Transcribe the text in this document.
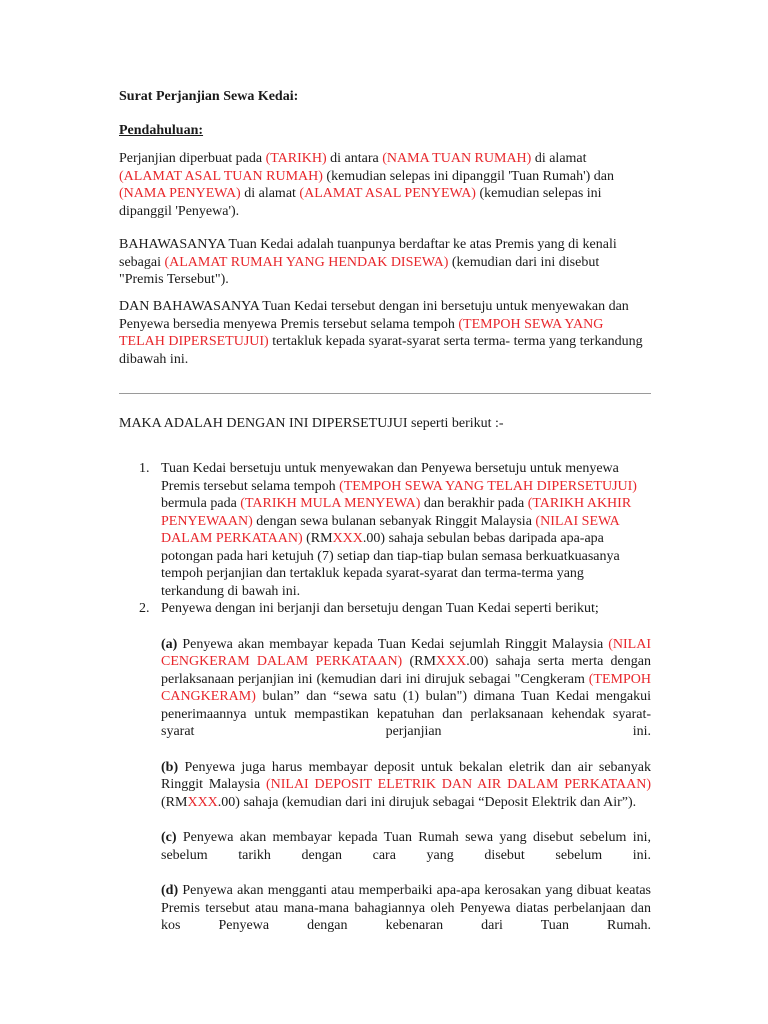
Surat Perjanjian Sewa Kedai:
Pendahuluan:
Perjanjian diperbuat pada (TARIKH) di antara (NAMA TUAN RUMAH) di alamat
(ALAMAT ASAL TUAN RUMAH) (kemudian selepas ini dipanggil 'Tuan Rumah') dan
(NAMA PENYEWA) di alamat (ALAMAT ASAL PENYEWA) (kemudian selepas ini
dipanggil 'Penyewa').
BAHAWASANYA Tuan Kedai adalah tuanpunya berdaftar ke atas Premis yang di kenali
sebagai (ALAMAT RUMAH YANG HENDAK DISEWA) (kemudian dari ini disebut
"Premis Tersebut").
DAN BAHAWASANYA Tuan Kedai tersebut dengan ini bersetuju untuk menyewakan dan
Penyewa bersedia menyewa Premis tersebut selama tempoh (TEMPOH SEWA YANG
TELAH DIPERSETUJUI) tertakluk kepada syarat-syarat serta terma- terma yang terkandung
dibawah ini.
MAKA ADALAH DENGAN INI DIPERSETUJUI seperti berikut :-
1. Tuan Kedai bersetuju untuk menyewakan dan Penyewa bersetuju untuk menyewa
Premis tersebut selama tempoh (TEMPOH SEWA YANG TELAH DIPERSETUJUI)
bermula pada (TARIKH MULA MENYEWA) dan berakhir pada (TARIKH AKHIR
PENYEWAAN) dengan sewa bulanan sebanyak Ringgit Malaysia (NILAI SEWA
DALAM PERKATAAN) (RMXXX.00) sahaja sebulan bebas daripada apa-apa
potongan pada hari ketujuh (7) setiap dan tiap-tiap bulan semasa berkuatkuasanya
tempoh perjanjian dan tertakluk kepada syarat-syarat dan terma-terma yang
terkandung di bawah ini.
2. Penyewa dengan ini berjanji dan bersetuju dengan Tuan Kedai seperti berikut;
(a) Penyewa akan membayar kepada Tuan Kedai sejumlah Ringgit Malaysia (NILAI CENGKERAM DALAM PERKATAAN) (RMXXX.00) sahaja serta merta dengan perlaksanaan perjanjian ini (kemudian dari ini dirujuk sebagai "Cengkeram (TEMPOH CANGKERAM) bulan” dan “sewa satu (1) bulan") dimana Tuan Kedai mengakui penerimaannya untuk mempastikan kepatuhan dan perlaksanaan kehendak syarat-syarat perjanjian ini.
(b) Penyewa juga harus membayar deposit untuk bekalan eletrik dan air sebanyak Ringgit Malaysia (NILAI DEPOSIT ELETRIK DAN AIR DALAM PERKATAAN) (RMXXX.00) sahaja (kemudian dari ini dirujuk sebagai “Deposit Elektrik dan Air”).
(c) Penyewa akan membayar kepada Tuan Rumah sewa yang disebut sebelum ini, sebelum tarikh dengan cara yang disebut sebelum ini.
(d) Penyewa akan mengganti atau memperbaiki apa-apa kerosakan yang dibuat keatas Premis tersebut atau mana-mana bahagiannya oleh Penyewa diatas perbelanjaan dan kos Penyewa dengan kebenaran dari Tuan Rumah.
